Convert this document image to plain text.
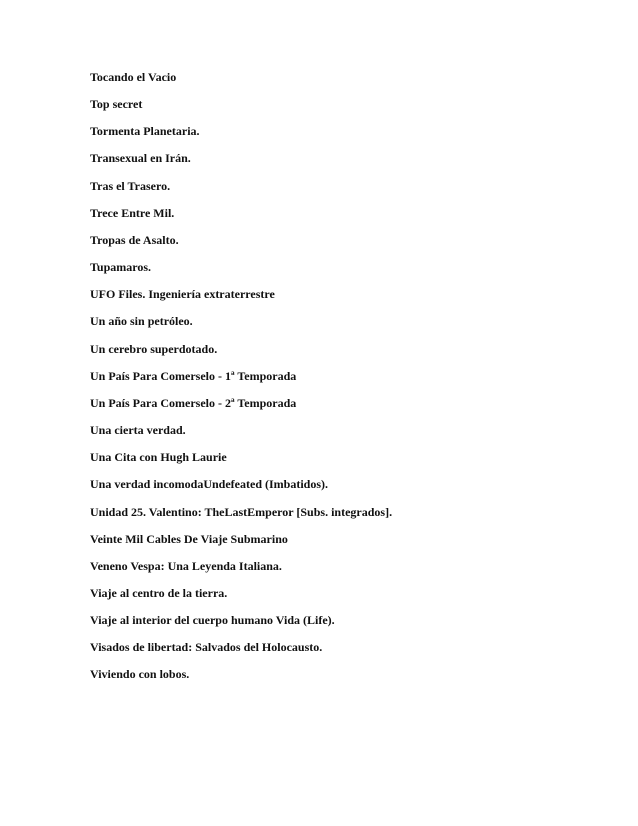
Tocando el Vacio
Top secret
Tormenta Planetaria.
Transexual en Irán.
Tras el Trasero.
Trece Entre Mil.
Tropas de Asalto.
Tupamaros.
UFO Files. Ingeniería extraterrestre
Un año sin petróleo.
Un cerebro superdotado.
Un País Para Comerselo - 1ª Temporada
Un País Para Comerselo - 2ª Temporada
Una cierta verdad.
Una Cita con Hugh Laurie
Una verdad incomodaUndefeated (Imbatidos).
Unidad 25. Valentino: TheLastEmperor [Subs. integrados].
Veinte Mil Cables De Viaje Submarino
Veneno Vespa: Una Leyenda Italiana.
Viaje al centro de la tierra.
Viaje al interior del cuerpo humano Vida (Life).
Visados de libertad: Salvados del Holocausto.
Viviendo con lobos.
